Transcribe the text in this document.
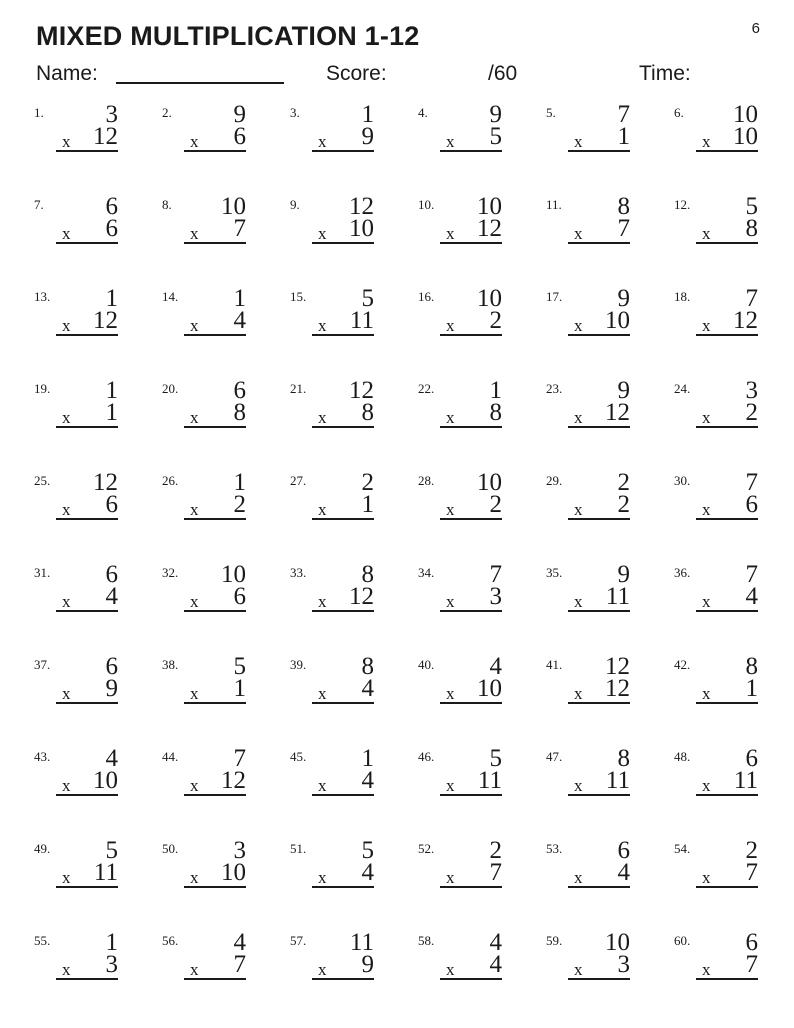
MIXED MULTIPLICATION 1-12	6
Name:	Score:	/60	Time:
1. 3
x 12
2. 9
x 6
3. 1
x 9
4. 9
x 5
5. 7
x 1
6. 10
x 10
7. 6
x 6
8. 10
x 7
9. 12
x 10
10. 10
x 12
11. 8
x 7
12. 5
x 8
13. 1
x 12
14. 1
x 4
15. 5
x 11
16. 10
x 2
17. 9
x 10
18. 7
x 12
19. 1
x 1
20. 6
x 8
21. 12
x 8
22. 1
x 8
23. 9
x 12
24. 3
x 2
25. 12
x 6
26. 1
x 2
27. 2
x 1
28. 10
x 2
29. 2
x 2
30. 7
x 6
31. 6
x 4
32. 10
x 6
33. 8
x 12
34. 7
x 3
35. 9
x 11
36. 7
x 4
37. 6
x 9
38. 5
x 1
39. 8
x 4
40. 4
x 10
41. 12
x 12
42. 8
x 1
43. 4
x 10
44. 7
x 12
45. 1
x 4
46. 5
x 11
47. 8
x 11
48. 6
x 11
49. 5
x 11
50. 3
x 10
51. 5
x 4
52. 2
x 7
53. 6
x 4
54. 2
x 7
55. 1
x 3
56. 4
x 7
57. 11
x 9
58. 4
x 4
59. 10
x 3
60. 6
x 7
